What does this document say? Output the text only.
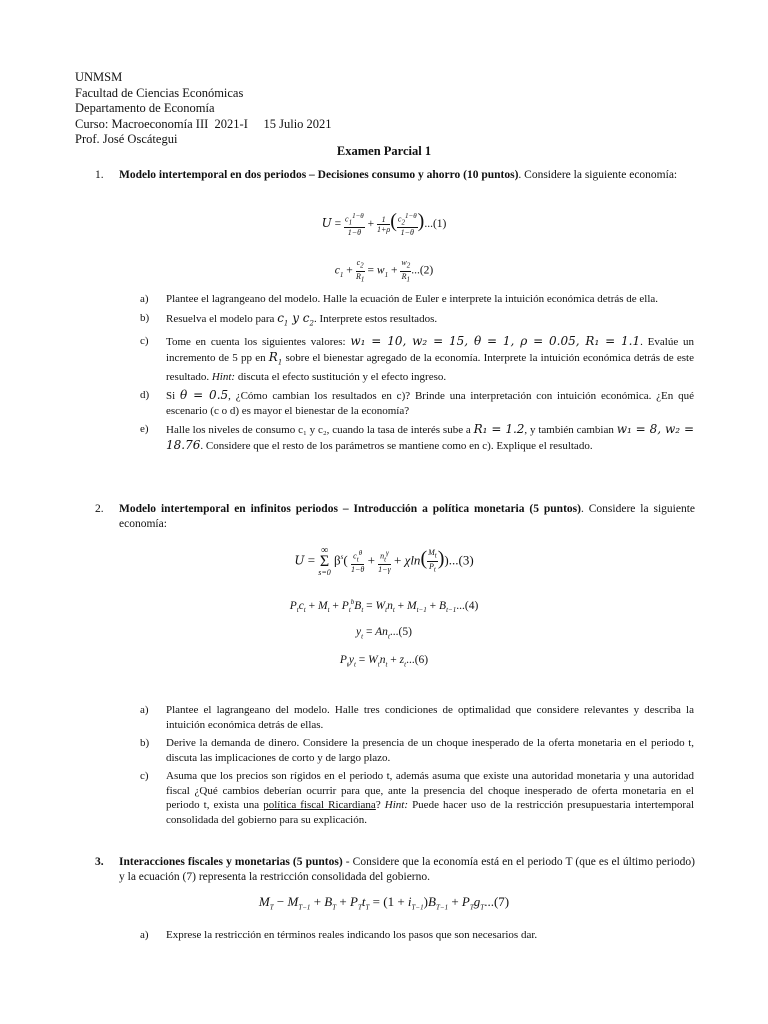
UNMSM
Facultad de Ciencias Económicas
Departamento de Economía
Curso: Macroeconomía III  2021-I     15 Julio 2021
Prof. José Oscátegui
Examen Parcial 1
1. Modelo intertemporal en dos periodos – Decisiones consumo y ahorro (10 puntos). Considere la siguiente economía:
$U = \frac{c_1^{1-\theta}}{1-\theta} + \frac{1}{1+\rho}$ ( $\frac{c_2^{1-\theta}}{1-\theta} )...(1)$
$c_1 + \frac{c_2}{R_1} = w_1 + \frac{w_2}{R_1} ...(2)$
a) Plantee el lagrangeano del modelo. Halle la ecuación de Euler e interprete la intuición económica detrás de ella.
b) Resuelva el modelo para $c_1$ y $c_2$. Interprete estos resultados.
c) Tome en cuenta los siguientes valores: w₁ = 10, w₂ = 15, θ = 1, ρ = 0.05, R₁ = 1.1. Evalúe un incremento de 5 pp en $R_1$ sobre el bienestar agregado de la economía. Interprete la intuición económica detrás de este resultado. Hint: discuta el efecto sustitución y el efecto ingreso.
d) Si θ = 0.5, ¿Cómo cambian los resultados en c)? Brinde una interpretación con intuición económica. ¿En qué escenario (c o d) es mayor el bienestar de la economía?
e) Halle los niveles de consumo c₁ y c₂, cuando la tasa de interés sube a R₁ = 1.2, y también cambian w₁ = 8, w₂ = 18.76. Considere que el resto de los parámetros se mantiene como en c). Explique el resultado.
2. Modelo intertemporal en infinitos periodos – Introducción a política monetaria (5 puntos). Considere la siguiente economía:
U =
∞
Σ
s=0
$\beta^s( \frac{c_t^\theta}{1-\theta} + \frac{n_t^\gamma}{1-\gamma} + \chi\ln( \frac{M_t}{P_t} ))...(3)$
$P_tc_t + M_t + P_t^bB_t = W_tn_t + M_{t-1} + B_{t-1}...(4)$
$y_t = An_t...(5)$
$P_ty_t = W_tn_t + z_t...(6)$
a) Plantee el lagrangeano del modelo. Halle tres condiciones de optimalidad que considere relevantes y describa la intuición económica detrás de ellas.
b) Derive la demanda de dinero. Considere la presencia de un choque inesperado de la oferta monetaria en el periodo t, discuta las implicaciones de corto y de largo plazo.
c) Asuma que los precios son rígidos en el periodo t, además asuma que existe una autoridad monetaria y una autoridad fiscal ¿Qué cambios deberían ocurrir para que, ante la presencia del choque inesperado de oferta monetaria en el periodo t, exista una política fiscal Ricardiana? Hint: Puede hacer uso de la restricción presupuestaria intertemporal consolidada del gobierno para su explicación.
3. Interacciones fiscales y monetarias (5 puntos) - Considere que la economía está en el periodo T (que es el último periodo) y la ecuación (7) representa la restricción consolidada del gobierno.
$M_T - M_{T-1} + B_T + P_Tt_T = (1 + i_{T-1})B_{T-1} + P_Tg_T...(7)$
a) Exprese la restricción en términos reales indicando los pasos que son necesarios dar.
